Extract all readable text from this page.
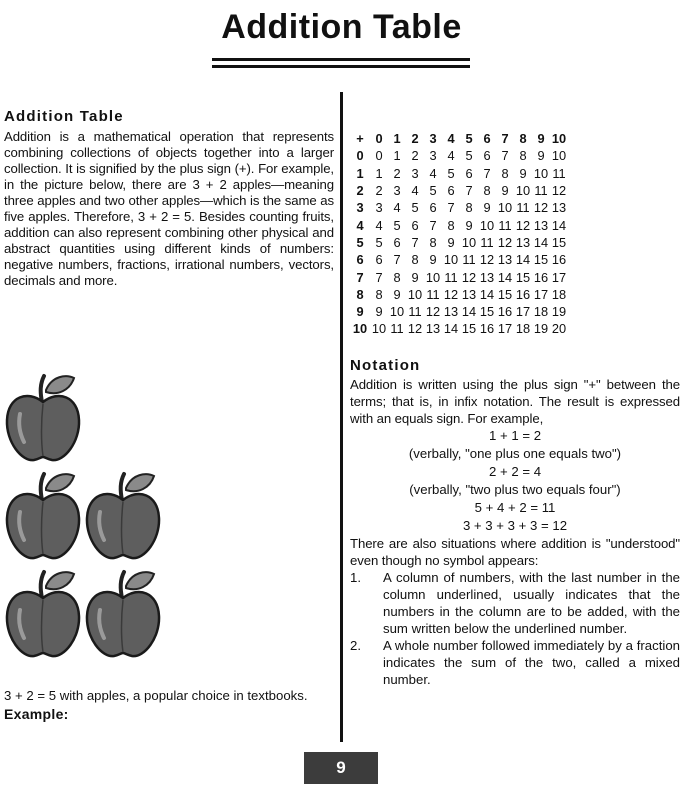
Addition Table
Addition Table

Addition is a mathematical operation that represents combining collections of objects together into a larger collection. It is signified by the plus sign (+). For example, in the picture below, there are 3 + 2 apples—meaning three apples and two other apples—which is the same as five apples. Therefore, 3 + 2 = 5. Besides counting fruits, addition can also represent combining other physical and abstract quantities using different kinds of numbers: negative numbers, fractions, irrational numbers, vectors, decimals and more.

3 + 2 = 5 with apples, a popular choice in textbooks.
Example:
+	0	1	2	3	4	5	6	7	8	9	10
0	0	1	2	3	4	5	6	7	8	9	10
1	1	2	3	4	5	6	7	8	9	10	11
2	2	3	4	5	6	7	8	9	10	11	12
3	3	4	5	6	7	8	9	10	11	12	13
4	4	5	6	7	8	9	10	11	12	13	14
5	5	6	7	8	9	10	11	12	13	14	15
6	6	7	8	9	10	11	12	13	14	15	16
7	7	8	9	10	11	12	13	14	15	16	17
8	8	9	10	11	12	13	14	15	16	17	18
9	9	10	11	12	13	14	15	16	17	18	19
10	10	11	12	13	14	15	16	17	18	19	20
Notation

Addition is written using the plus sign "+" between the terms; that is, in infix notation. The result is expressed with an equals sign. For example,

1 + 1 = 2

(verbally, "one plus one equals two")

2 + 2 = 4

(verbally, "two plus two equals four")

5 + 4 + 2 = 11

3 + 3 + 3 + 3 = 12

There are also situations where addition is "understood" even though no symbol appears:

1. A column of numbers, with the last number in the column underlined, usually indicates that the numbers in the column are to be added, with the sum written below the underlined number.
2. A whole number followed immediately by a fraction indicates the sum of the two, called a mixed number.
9
